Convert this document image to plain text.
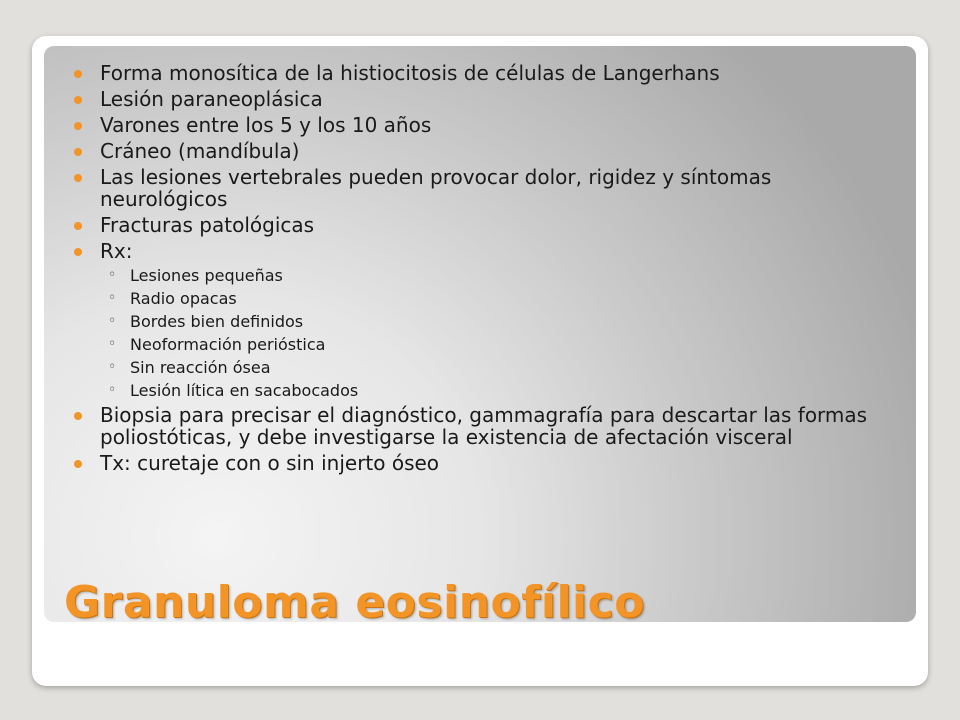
Forma monosítica de la histiocitosis de células de Langerhans
Lesión paraneoplásica
Varones entre los 5 y los 10 años
Cráneo (mandíbula)
Las lesiones vertebrales pueden provocar dolor, rigidez y síntomas neurológicos
Fracturas patológicas
Rx:
◦ Lesiones pequeñas
◦ Radio opacas
◦ Bordes bien definidos
◦ Neoformación perióstica
◦ Sin reacción ósea
◦ Lesión lítica en sacabocados
Biopsia para precisar el diagnóstico, gammagrafía para descartar las formas poliostóticas, y debe investigarse la existencia de afectación visceral
Tx: curetaje con o sin injerto óseo
Granuloma eosinofílico
